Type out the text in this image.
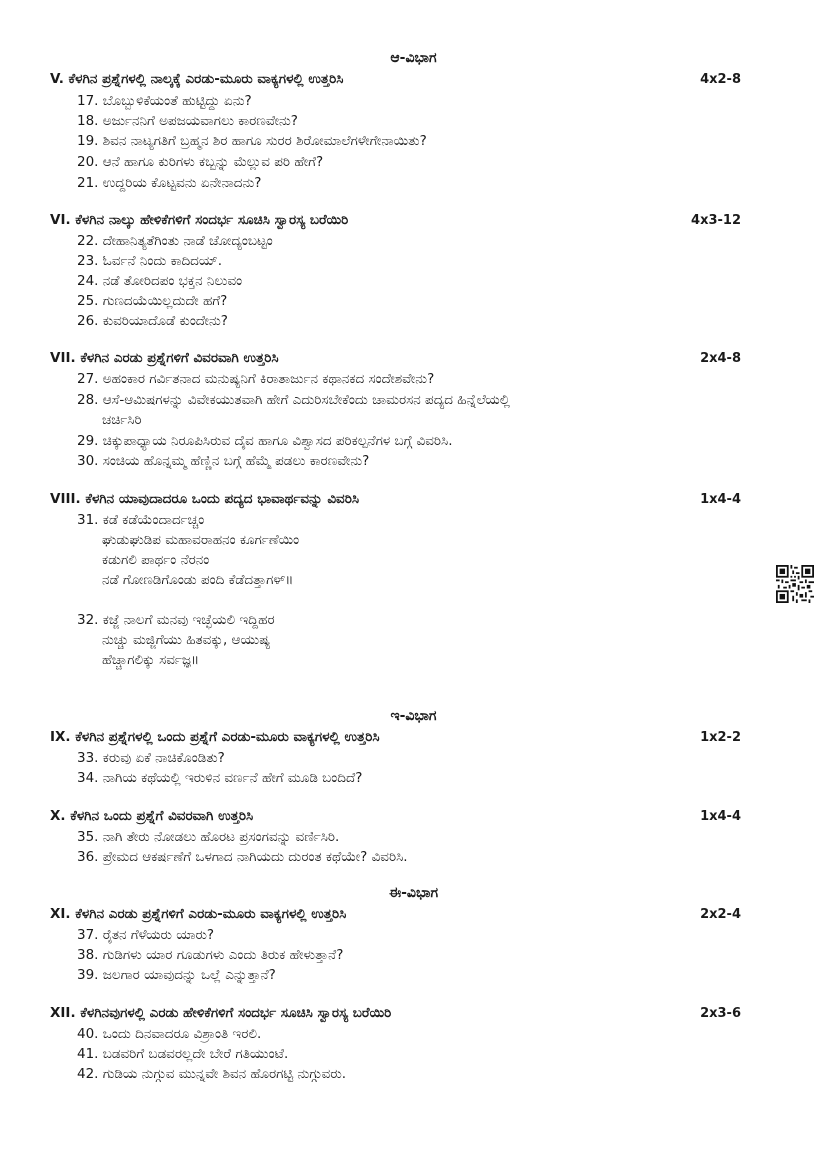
ಆ-ವಿಭಾಗ
V. ಕೆಳಗಿನ ಪ್ರಶ್ನೆಗಳಲ್ಲಿ ನಾಲ್ಕಕ್ಕೆ ಎರಡು-ಮೂರು ವಾಕ್ಯಗಳಲ್ಲಿ ಉತ್ತರಿಸಿ	4x2-8
17. ಬೊಬ್ಬುಳಿಕೆಯಂತೆ ಹುಟ್ಟಿದ್ದು ಏನು?
18. ಅರ್ಜುನನಿಗೆ ಅಪಜಯವಾಗಲು ಕಾರಣವೇನು?
19. ಶಿವನ ನಾಟ್ಯಗತಿಗೆ ಬ್ರಹ್ಮನ ಶಿರ ಹಾಗೂ ಸುರರ ಶಿರೋಮಾಲೆಗಳೇಗೇನಾಯಿತು?
20. ಆನೆ ಹಾಗೂ ಕುರಿಗಳು ಕಬ್ಬನ್ನು ಮೆಲ್ಲುವ ಪರಿ ಹೇಗೆ?
21. ಉದ್ದರಿಯ ಕೊಟ್ಟವನು ಏನೇನಾದನು?
VI. ಕೆಳಗಿನ ನಾಲ್ಕು ಹೇಳಿಕೆಗಳಿಗೆ ಸಂದರ್ಭ ಸೂಚಿಸಿ ಸ್ವಾರಸ್ಯ ಬರೆಯಿರಿ	4x3-12
22. ದೇಹಾನಿತ್ಯತೆಗಿಂತು ನಾಡೆ ಚೋದ್ಯಂಬಟ್ಟಂ
23. ಓರ್ವನೆ ನಿಂದು ಕಾದಿದಯ್.
24. ನಡೆ ತೋರಿದಪಂ ಭಕ್ತನ ನಿಲುವಂ
25. ಗುಣದಯೆಯಿಲ್ಲದುದೇ ಹಗೆ?
26. ಕುವರಿಯಾದೊಡೆ ಕುಂದೇನು?
VII. ಕೆಳಗಿನ ಎರಡು ಪ್ರಶ್ನೆಗಳಿಗೆ ವಿವರವಾಗಿ ಉತ್ತರಿಸಿ	2x4-8
27. ಅಹಂಕಾರ ಗರ್ವಿತನಾದ ಮನುಷ್ಯನಿಗೆ ಕಿರಾತಾರ್ಜುನ ಕಥಾನಕದ ಸಂದೇಶವೇನು?
28. ಆಸೆ-ಆಮಿಷಗಳನ್ನು ವಿವೇಕಯುತವಾಗಿ ಹೇಗೆ ಎದುರಿಸಬೇಕೆಂದು ಚಾಮರಸನ ಪದ್ಯದ ಹಿನ್ನೆಲೆಯಲ್ಲಿ
ಚರ್ಚಿಸಿರಿ
29. ಚಿಕ್ಕುಪಾಧ್ಯಾಯ ನಿರೂಪಿಸಿರುವ ದೈವ ಹಾಗೂ ವಿಶ್ವಾಸದ ಪರಿಕಲ್ಪನೆಗಳ ಬಗ್ಗೆ ವಿವರಿಸಿ.
30. ಸಂಚಿಯ ಹೊನ್ನಮ್ಮ ಹೆಣ್ಣಿನ ಬಗ್ಗೆ ಹೆಮ್ಮೆ ಪಡಲು ಕಾರಣವೇನು?
VIII. ಕೆಳಗಿನ ಯಾವುದಾದರೂ ಒಂದು ಪದ್ಯದ ಭಾವಾರ್ಥವನ್ನು ವಿವರಿಸಿ	1x4-4
31. ಕಡೆ ಕಡೆಯೆಂದಾರ್ದಚ್ಚಂ
ಘುಡುಘುಡಿಪ ಮಹಾವರಾಹನಂ ಕೂರ್ಗಣೆಯಿಂ
ಕಡುಗಲಿ ಪಾರ್ಥಂ ನೆರನಂ
ನಡೆ ಗೋಣಡಿಗೊಂಡು ಪಂದಿ ಕೆಡೆದತ್ತಾಗಳ್॥
32. ಕಜ್ಜೆ ನಾಲಗೆ ಮನವು ಇಚ್ಛೆಯಲಿ ಇದ್ದಿಹರ
ನುಚ್ಚು ಮಜ್ಜಿಗೆಯು ಹಿತವಕ್ಕು, ಆಯುಷ್ಯ
ಹೆಚ್ಚಾಗಲಿಕ್ಕು ಸರ್ವಜ್ಞ॥
ಇ-ವಿಭಾಗ
IX. ಕೆಳಗಿನ ಪ್ರಶ್ನೆಗಳಲ್ಲಿ ಒಂದು ಪ್ರಶ್ನೆಗೆ ಎರಡು-ಮೂರು ವಾಕ್ಯಗಳಲ್ಲಿ ಉತ್ತರಿಸಿ	1x2-2
33. ಕರುವು ಏಕೆ ನಾಚಿಕೊಂಡಿತು?
34. ನಾಗಿಯ ಕಥೆಯಲ್ಲಿ ಇರುಳಿನ ವರ್ಣನೆ ಹೇಗೆ ಮೂಡಿ ಬಂದಿದೆ?
X. ಕೆಳಗಿನ ಒಂದು ಪ್ರಶ್ನೆಗೆ ವಿವರವಾಗಿ ಉತ್ತರಿಸಿ	1x4-4
35. ನಾಗಿ ತೇರು ನೋಡಲು ಹೊರಟ ಪ್ರಸಂಗವನ್ನು ವರ್ಣಿಸಿರಿ.
36. ಪ್ರೇಮದ ಆಕರ್ಷಣೆಗೆ ಒಳಗಾದ ನಾಗಿಯದು ದುರಂತ ಕಥೆಯೇ? ವಿವರಿಸಿ.
ಈ-ವಿಭಾಗ
XI. ಕೆಳಗಿನ ಎರಡು ಪ್ರಶ್ನೆಗಳಿಗೆ ಎರಡು-ಮೂರು ವಾಕ್ಯಗಳಲ್ಲಿ ಉತ್ತರಿಸಿ	2x2-4
37. ರೈತನ ಗೆಳೆಯರು ಯಾರು?
38. ಗುಡಿಗಳು ಯಾರ ಗೂಡುಗಳು ಎಂದು ತಿರುಕ ಹೇಳುತ್ತಾನೆ?
39. ಜಲಗಾರ ಯಾವುದನ್ನು ಒಲ್ಲೆ ಎನ್ನುತ್ತಾನೆ?
XII. ಕೆಳಗಿನವುಗಳಲ್ಲಿ ಎರಡು ಹೇಳಿಕೆಗಳಿಗೆ ಸಂದರ್ಭ ಸೂಚಿಸಿ ಸ್ವಾರಸ್ಯ ಬರೆಯಿರಿ	2x3-6
40. ಒಂದು ದಿನವಾದರೂ ವಿಶ್ರಾಂತಿ ಇರಲಿ.
41. ಬಡವರಿಗೆ ಬಡವರಲ್ಲದೇ ಬೇರೆ ಗತಿಯುಂಟೆ.
42. ಗುಡಿಯ ನುಗ್ಗುವ ಮುನ್ನವೇ ಶಿವನ ಹೊರಗಟ್ಟಿ ನುಗ್ಗುವರು.
